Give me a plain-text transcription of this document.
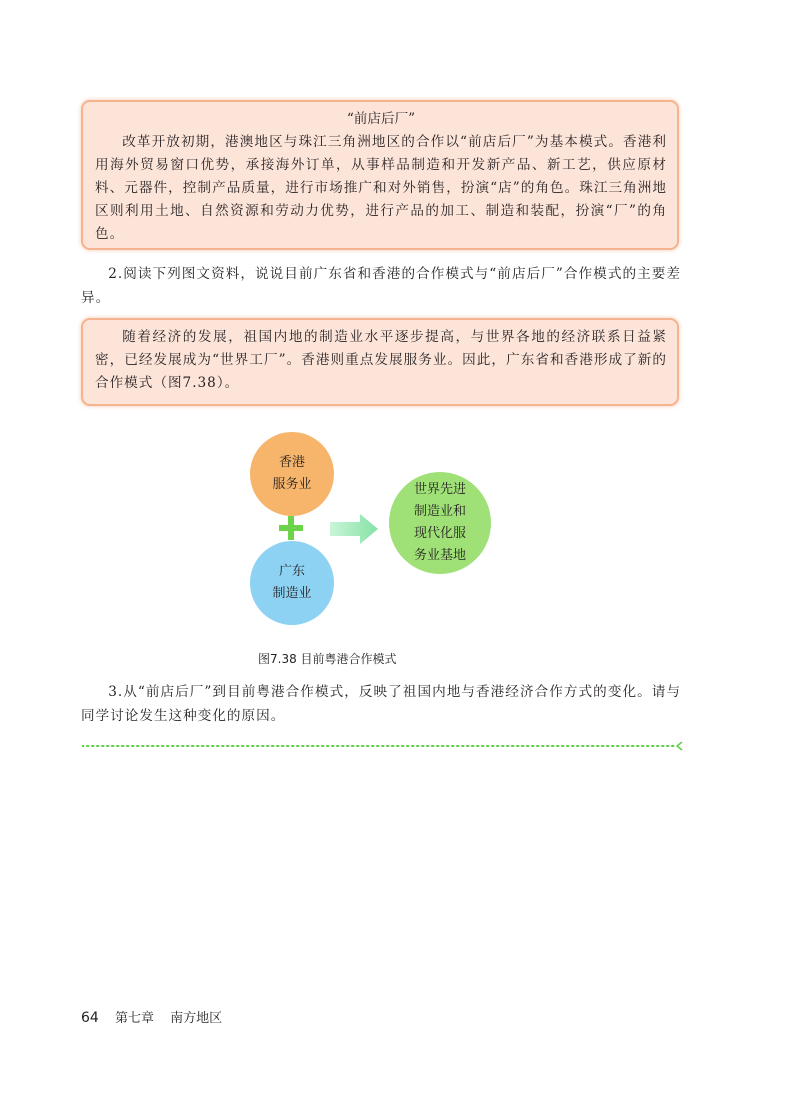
“前店后厂”

改革开放初期，港澳地区与珠江三角洲地区的合作以“前店后厂”为基本模式。香港利用海外贸易窗口优势，承接海外订单，从事样品制造和开发新产品、新工艺，供应原材料、元器件，控制产品质量，进行市场推广和对外销售，扮演“店”的角色。珠江三角洲地区则利用土地、自然资源和劳动力优势，进行产品的加工、制造和装配，扮演“厂”的角色。

2.阅读下列图文资料，说说目前广东省和香港的合作模式与“前店后厂”合作模式的主要差异。

随着经济的发展，祖国内地的制造业水平逐步提高，与世界各地的经济联系日益紧密，已经发展成为“世界工厂”。香港则重点发展服务业。因此，广东省和香港形成了新的合作模式（图7.38）。

香港
服务业
广东
制造业
世界先进
制造业和
现代化服
务业基地
图7.38 目前粤港合作模式

3.从“前店后厂”到目前粤港合作模式，反映了祖国内地与香港经济合作方式的变化。请与同学讨论发生这种变化的原因。

64 第七章 南方地区
